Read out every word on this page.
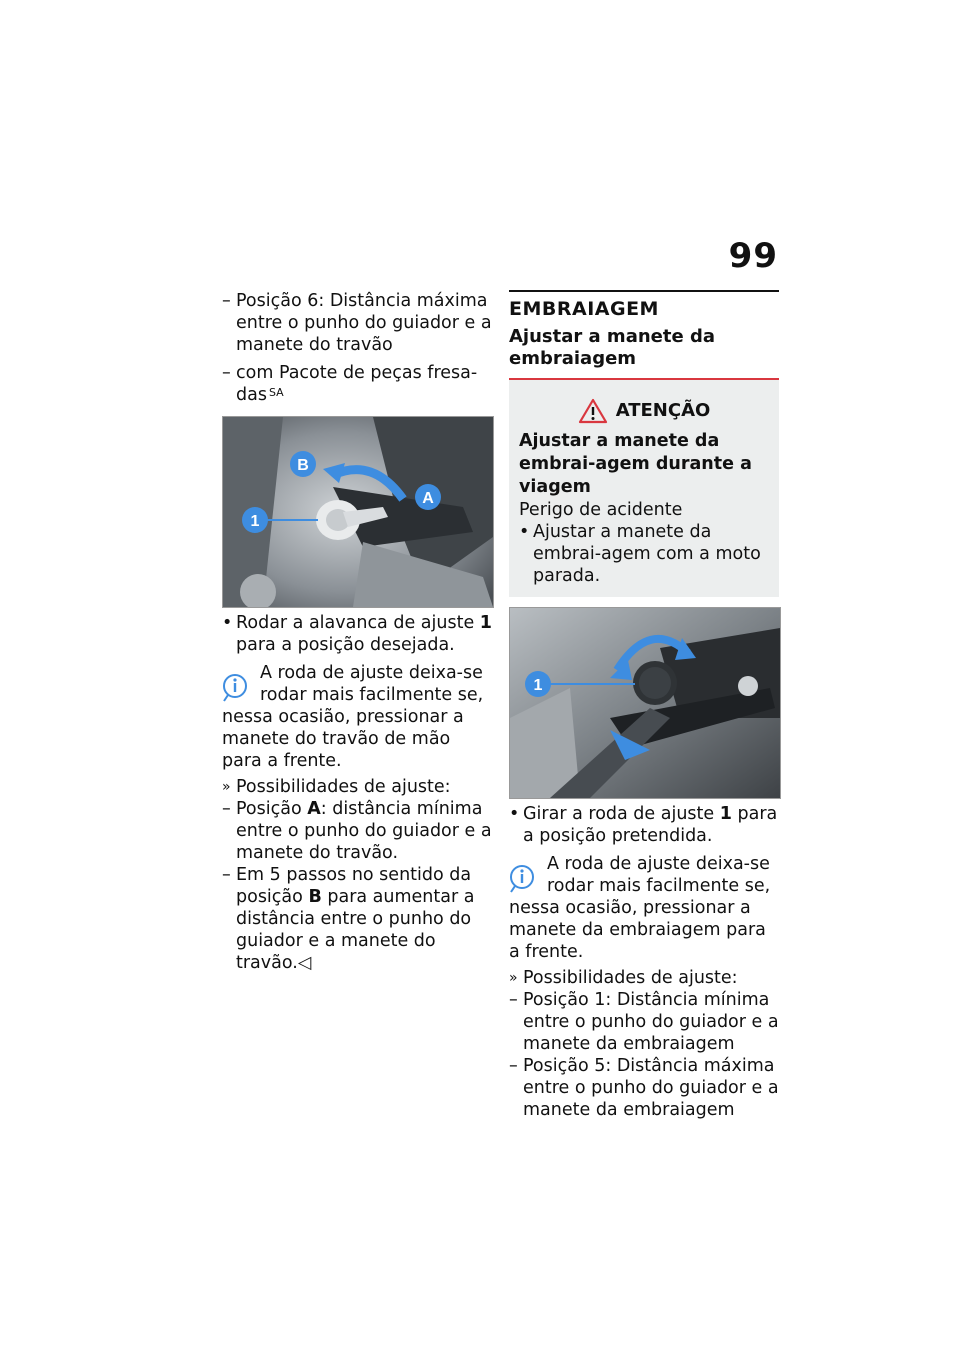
99
– Posição 6: Distância máxima entre o punho do guiador e a manete do travão
– com Pacote de peças fresa-das $^{SA}$
B
A
1
• Rodar a alavanca de ajuste 1 para a posição desejada.

A roda de ajuste deixa-se rodar mais facilmente se, nessa ocasião, pressionar a manete do travão de mão para a frente.

» Possibilidades de ajuste:
– Posição A: distância mínima entre o punho do guiador e a manete do travão.
– Em 5 passos no sentido da posição B para aumentar a distância entre o punho do guiador e a manete do travão.◁
EMBRAIAGEM
Ajustar a manete da embraiagem
ATENÇÃO
Ajustar a manete da embrai-agem durante a viagem
Perigo de acidente
• Ajustar a manete da embrai-agem com a moto parada.
1
• Girar a roda de ajuste 1 para a posição pretendida.

A roda de ajuste deixa-se rodar mais facilmente se, nessa ocasião, pressionar a manete da embraiagem para a frente.

» Possibilidades de ajuste:
– Posição 1: Distância mínima entre o punho do guiador e a manete da embraiagem
– Posição 5: Distância máxima entre o punho do guiador e a manete da embraiagem
